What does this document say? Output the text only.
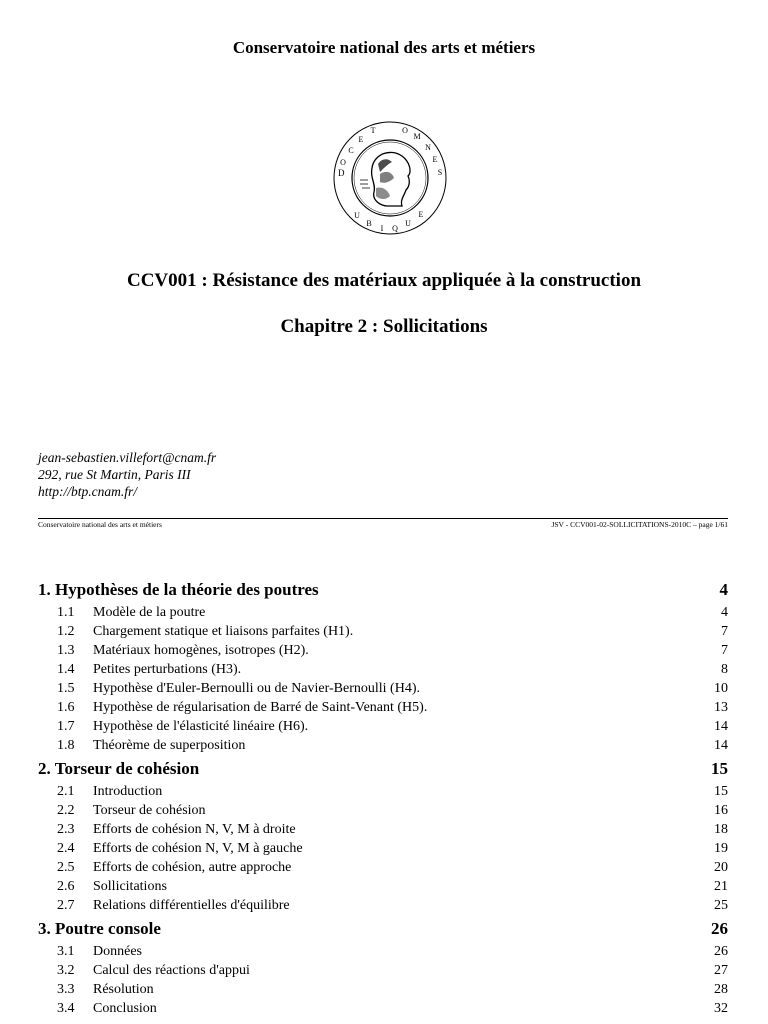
Conservatoire national des arts et métiers
D
O C E T	O M N E S U B I Q U E
CCV001 : Résistance des matériaux appliquée à la construction
Chapitre 2 : Sollicitations
jean-sebastien.villefort@cnam.fr
292, rue St Martin, Paris III
http://btp.cnam.fr/
Conservatoire national des arts et métiers	JSV - CCV001-02-SOLLICITATIONS-2010C – page 1/61
1. Hypothèses de la théorie des poutres	4
1.1	Modèle de la poutre	4
1.2	Chargement statique et liaisons parfaites (H1).	7
1.3	Matériaux homogènes, isotropes (H2).	7
1.4	Petites perturbations (H3).	8
1.5	Hypothèse d'Euler-Bernoulli ou de Navier-Bernoulli (H4).	10
1.6	Hypothèse de régularisation de Barré de Saint-Venant (H5).	13
1.7	Hypothèse de l'élasticité linéaire (H6).	14
1.8	Théorème de superposition	14
2. Torseur de cohésion	15
2.1	Introduction	15
2.2	Torseur de cohésion	16
2.3	Efforts de cohésion N, V, M à droite	18
2.4	Efforts de cohésion N, V, M à gauche	19
2.5	Efforts de cohésion, autre approche	20
2.6	Sollicitations	21
2.7	Relations différentielles d'équilibre	25
3. Poutre console	26
3.1	Données	26
3.2	Calcul des réactions d'appui	27
3.3	Résolution	28
3.4	Conclusion	32
